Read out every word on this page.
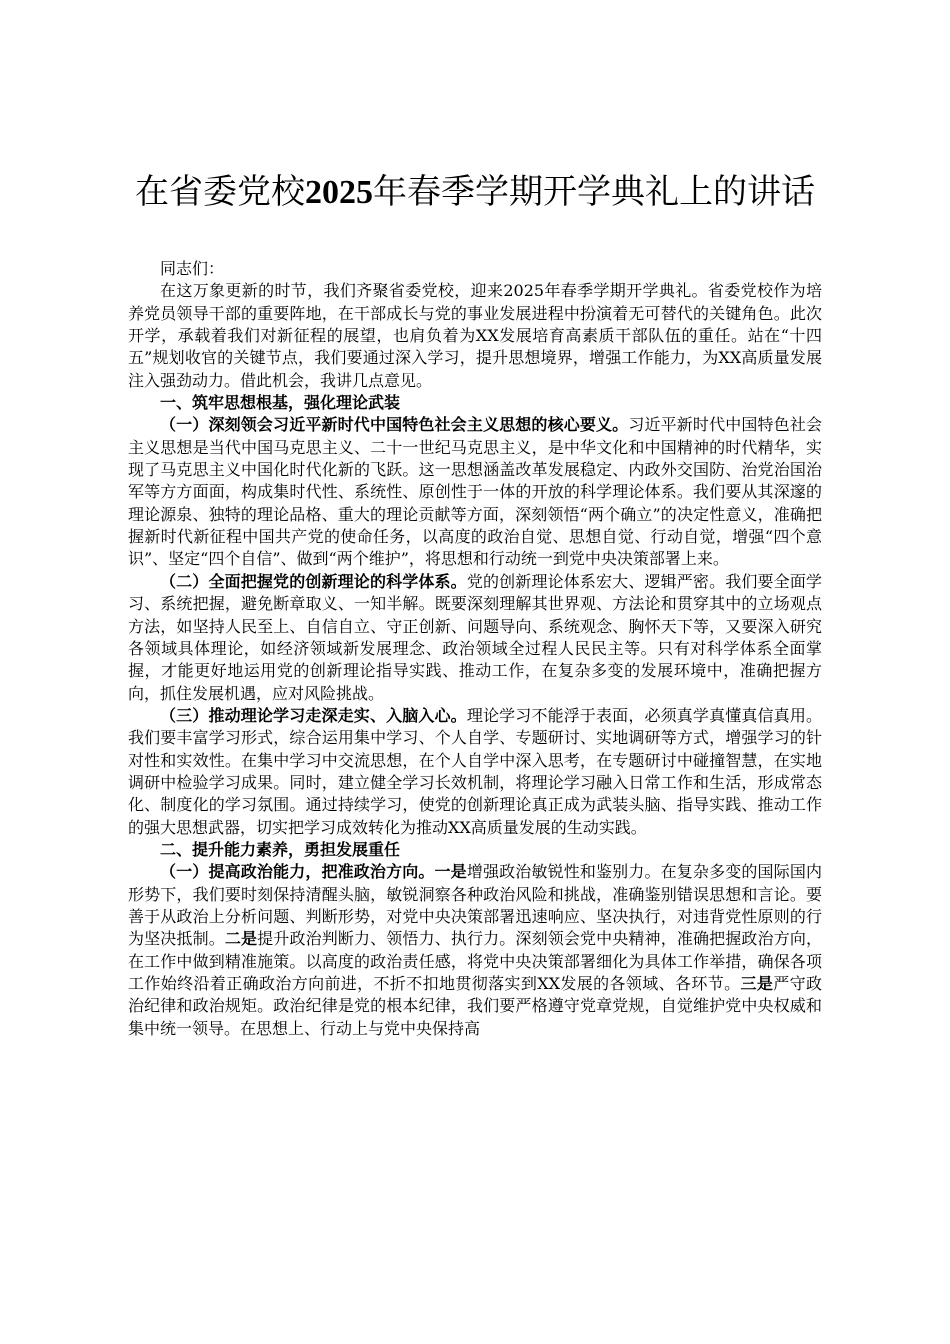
在省委党校2025年春季学期开学典礼上的讲话

同志们：

在这万象更新的时节，我们齐聚省委党校，迎来2025年春季学期开学典礼。省委党校作为培养党员领导干部的重要阵地，在干部成长与党的事业发展进程中扮演着无可替代的关键角色。此次开学，承载着我们对新征程的展望，也肩负着为XX发展培育高素质干部队伍的重任。站在“十四五”规划收官的关键节点，我们要通过深入学习，提升思想境界，增强工作能力，为XX高质量发展注入强劲动力。借此机会，我讲几点意见。

一、筑牢思想根基，强化理论武装

（一）深刻领会习近平新时代中国特色社会主义思想的核心要义。习近平新时代中国特色社会主义思想是当代中国马克思主义、二十一世纪马克思主义，是中华文化和中国精神的时代精华，实现了马克思主义中国化时代化新的飞跃。这一思想涵盖改革发展稳定、内政外交国防、治党治国治军等方方面面，构成集时代性、系统性、原创性于一体的开放的科学理论体系。我们要从其深邃的理论源泉、独特的理论品格、重大的理论贡献等方面，深刻领悟“两个确立”的决定性意义，准确把握新时代新征程中国共产党的使命任务，以高度的政治自觉、思想自觉、行动自觉，增强“四个意识”、坚定“四个自信”、做到“两个维护”，将思想和行动统一到党中央决策部署上来。

（二）全面把握党的创新理论的科学体系。党的创新理论体系宏大、逻辑严密。我们要全面学习、系统把握，避免断章取义、一知半解。既要深刻理解其世界观、方法论和贯穿其中的立场观点方法，如坚持人民至上、自信自立、守正创新、问题导向、系统观念、胸怀天下等，又要深入研究各领域具体理论，如经济领域新发展理念、政治领域全过程人民民主等。只有对科学体系全面掌握，才能更好地运用党的创新理论指导实践、推动工作，在复杂多变的发展环境中，准确把握方向，抓住发展机遇，应对风险挑战。

（三）推动理论学习走深走实、入脑入心。理论学习不能浮于表面，必须真学真懂真信真用。我们要丰富学习形式，综合运用集中学习、个人自学、专题研讨、实地调研等方式，增强学习的针对性和实效性。在集中学习中交流思想，在个人自学中深入思考，在专题研讨中碰撞智慧，在实地调研中检验学习成果。同时，建立健全学习长效机制，将理论学习融入日常工作和生活，形成常态化、制度化的学习氛围。通过持续学习，使党的创新理论真正成为武装头脑、指导实践、推动工作的强大思想武器，切实把学习成效转化为推动XX高质量发展的生动实践。

二、提升能力素养，勇担发展重任

（一）提高政治能力，把准政治方向。一是增强政治敏锐性和鉴别力。在复杂多变的国际国内形势下，我们要时刻保持清醒头脑，敏锐洞察各种政治风险和挑战，准确鉴别错误思想和言论。要善于从政治上分析问题、判断形势，对党中央决策部署迅速响应、坚决执行，对违背党性原则的行为坚决抵制。二是提升政治判断力、领悟力、执行力。深刻领会党中央精神，准确把握政治方向，在工作中做到精准施策。以高度的政治责任感，将党中央决策部署细化为具体工作举措，确保各项工作始终沿着正确政治方向前进，不折不扣地贯彻落实到XX发展的各领域、各环节。三是严守政治纪律和政治规矩。政治纪律是党的根本纪律，我们要严格遵守党章党规，自觉维护党中央权威和集中统一领导。在思想上、行动上与党中央保持高
